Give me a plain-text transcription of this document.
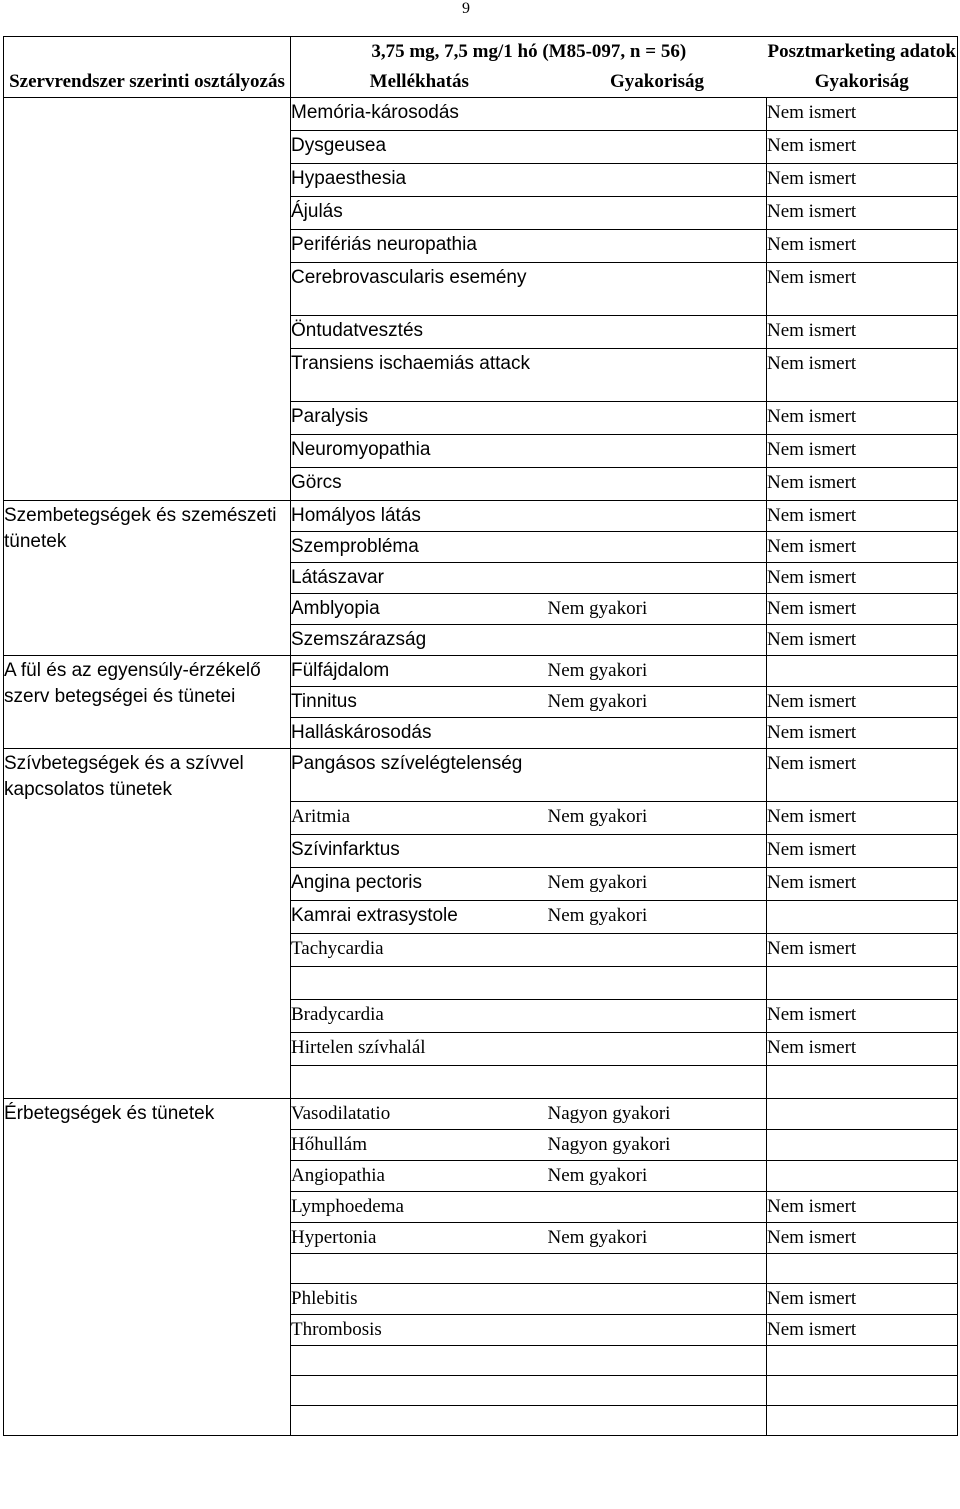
9
	3,75 mg, 7,5 mg/1 hó (M85-097, n = 56)		Posztmarketing adatok
Szervrendszer szerinti osztályozás	Mellékhatás	Gyakoriság	Gyakoriság
	Memória-károsodás		Nem ismert
	Dysgeusea		Nem ismert
	Hypaesthesia		Nem ismert
	Ájulás		Nem ismert
	Perifériás neuropathia		Nem ismert
	Cerebrovascularis esemény		Nem ismert
	Öntudatvesztés		Nem ismert
	Transiens ischaemiás attack		Nem ismert
	Paralysis		Nem ismert
	Neuromyopathia		Nem ismert
	Görcs		Nem ismert
Szembetegségek és szemészeti tünetek	Homályos látás		Nem ismert
	Szemprobléma		Nem ismert
	Látászavar		Nem ismert
	Amblyopia	Nem gyakori	Nem ismert
	Szemszárazság		Nem ismert
A fül és az egyensúly-érzékelő szerv betegségei és tünetei	Fülfájdalom	Nem gyakori	
	Tinnitus	Nem gyakori	Nem ismert
	Halláskárosodás		Nem ismert
Szívbetegségek és a szívvel kapcsolatos tünetek	Pangásos szívelégtelenség		Nem ismert
	Aritmia	Nem gyakori	Nem ismert
	Szívinfarktus		Nem ismert
	Angina pectoris	Nem gyakori	Nem ismert
	Kamrai extrasystole	Nem gyakori	
	Tachycardia		Nem ismert

	Bradycardia		Nem ismert
	Hirtelen szívhalál		Nem ismert

Érbetegségek és tünetek	Vasodilatatio	Nagyon gyakori	
	Hőhullám	Nagyon gyakori	
	Angiopathia	Nem gyakori	
	Lymphoedema		Nem ismert
	Hypertonia	Nem gyakori	Nem ismert

	Phlebitis		Nem ismert
	Thrombosis		Nem ismert
